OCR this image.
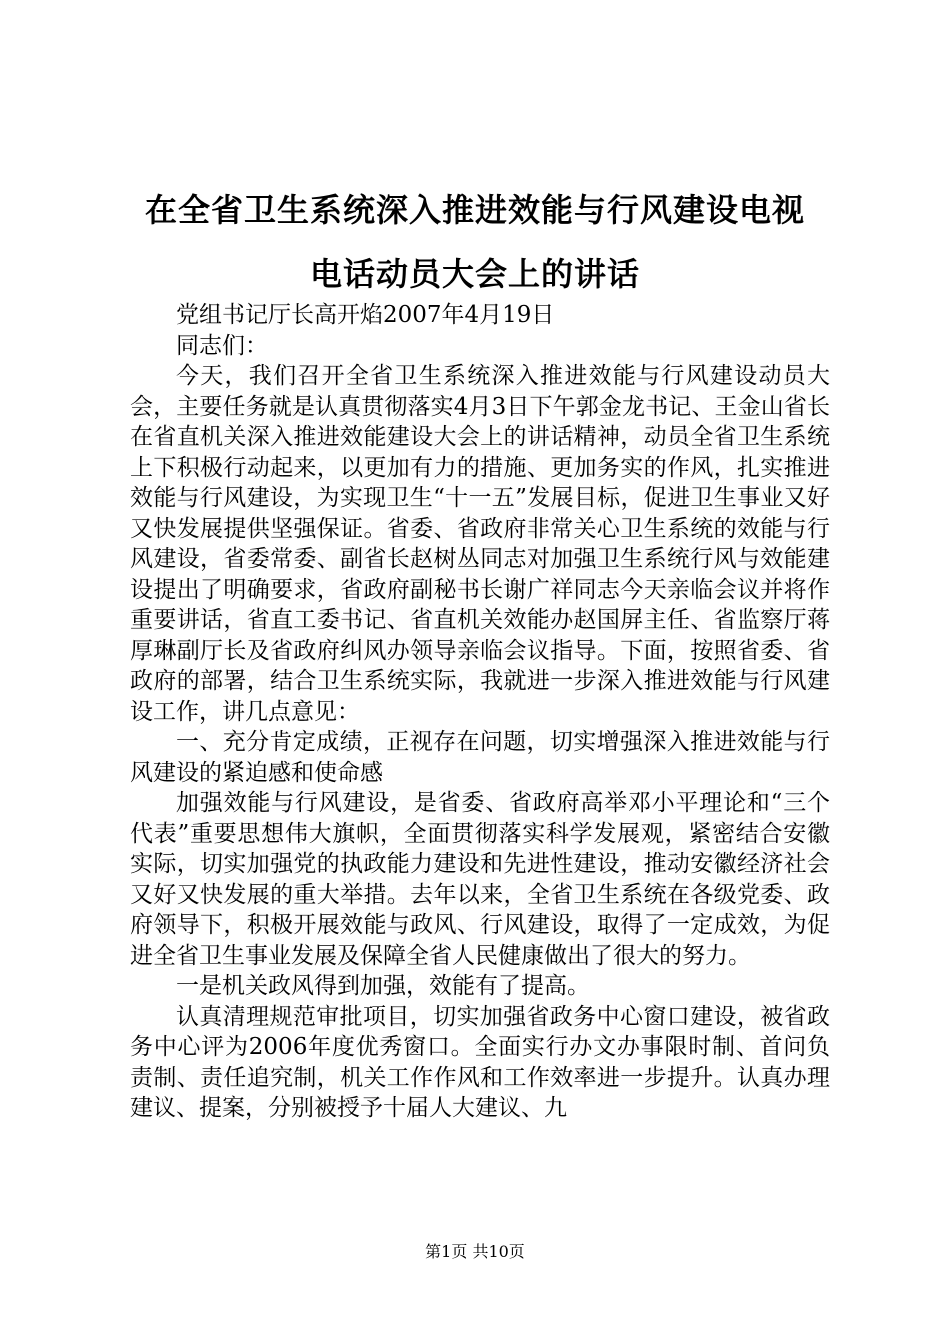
在全省卫生系统深入推进效能与行风建设电视
电话动员大会上的讲话

党组书记厅长高开焰2007年4月19日

同志们：

今天，我们召开全省卫生系统深入推进效能与行风建设动员大会，主要任务就是认真贯彻落实4月3日下午郭金龙书记、王金山省长在省直机关深入推进效能建设大会上的讲话精神，动员全省卫生系统上下积极行动起来，以更加有力的措施、更加务实的作风，扎实推进效能与行风建设，为实现卫生“十一五”发展目标，促进卫生事业又好又快发展提供坚强保证。省委、省政府非常关心卫生系统的效能与行风建设，省委常委、副省长赵树丛同志对加强卫生系统行风与效能建设提出了明确要求，省政府副秘书长谢广祥同志今天亲临会议并将作重要讲话，省直工委书记、省直机关效能办赵国屏主任、省监察厅蒋厚琳副厅长及省政府纠风办领导亲临会议指导。下面，按照省委、省政府的部署，结合卫生系统实际，我就进一步深入推进效能与行风建设工作，讲几点意见：

一、充分肯定成绩，正视存在问题，切实增强深入推进效能与行风建设的紧迫感和使命感

加强效能与行风建设，是省委、省政府高举邓小平理论和“三个代表”重要思想伟大旗帜，全面贯彻落实科学发展观，紧密结合安徽实际，切实加强党的执政能力建设和先进性建设，推动安徽经济社会又好又快发展的重大举措。去年以来，全省卫生系统在各级党委、政府领导下，积极开展效能与政风、行风建设，取得了一定成效，为促进全省卫生事业发展及保障全省人民健康做出了很大的努力。

一是机关政风得到加强，效能有了提高。

认真清理规范审批项目，切实加强省政务中心窗口建设，被省政务中心评为2006年度优秀窗口。全面实行办文办事限时制、首问负责制、责任追究制，机关工作作风和工作效率进一步提升。认真办理建议、提案，分别被授予十届人大建议、九

第1页 共10页
